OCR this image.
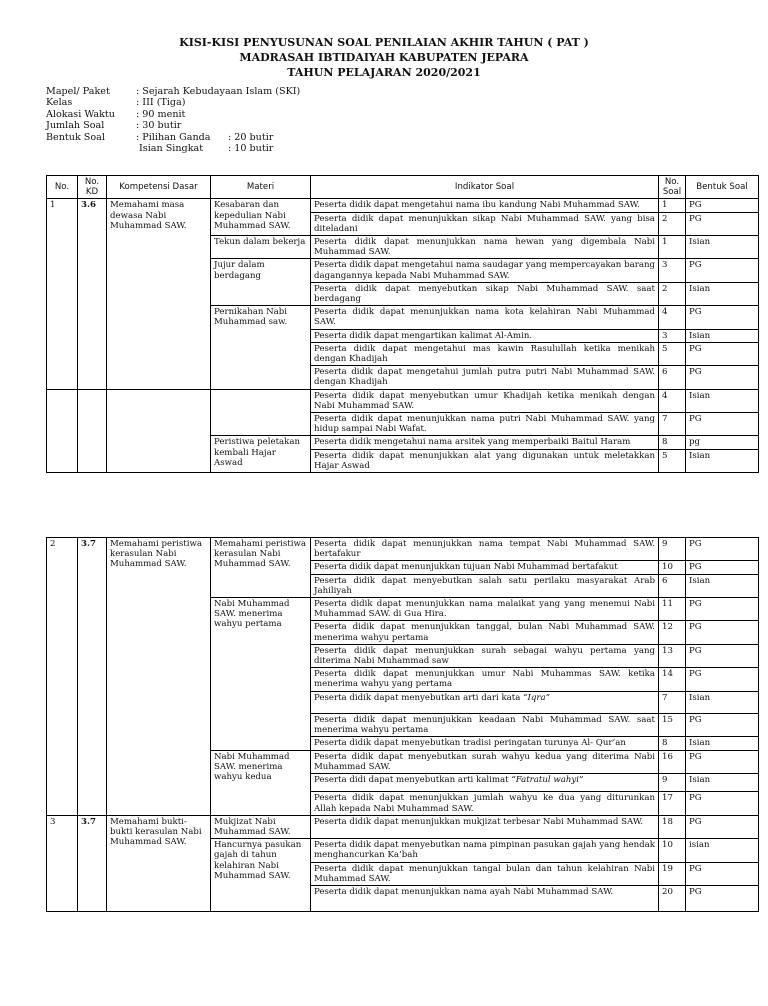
KISI-KISI PENYUSUNAN SOAL PENILAIAN AKHIR TAHUN ( PAT )
MADRASAH IBTIDAIYAH KABUPATEN JEPARA
TAHUN PELAJARAN 2020/2021
Mapel/ Paket	: Sejarah Kebudayaan Islam (SKI)
Kelas	: III (Tiga)
Alokasi Waktu	: 90 menit
Jumlah Soal	: 30 butir
Bentuk Soal	: Pilihan Ganda	: 20 butir
Isian Singkat	: 10 butir
No.	No. KD	Kompetensi Dasar	Materi	Indikator Soal	No. Soal	Bentuk Soal
1	3.6	Memahami masa dewasa Nabi Muhammad SAW.	Kesabaran dan kepedulian Nabi Muhammad SAW.	Peserta didik dapat mengetahui nama ibu kandung Nabi Muhammad SAW.	1	PG
				Peserta didik dapat menunjukkan sikap Nabi Muhammad SAW. yang bisa diteladani	2	PG
			Tekun dalam bekerja	Peserta didik dapat menunjukkan nama hewan yang digembala Nabi Muhammad SAW.	1	Isian
			Jujur dalam berdagang	Peserta didik dapat mengetahui nama saudagar yang mempercayakan barang dagangannya kepada Nabi Muhammad SAW.	3	PG
				Peserta didik dapat menyebutkan sikap Nabi Muhammad SAW. saat berdagang	2	Isian
			Pernikahan Nabi Muhammad saw.	Peserta didik dapat menunjukkan nama kota kelahiran Nabi Muhammad SAW.	4	PG
				Peserta didik dapat mengartikan kalimat Al-Amin.	3	Isian
				Peserta didik dapat mengetahui mas kawin Rasulullah ketika menikah dengan Khadijah	5	PG
				Peserta didik dapat mengetahui jumlah putra putri Nabi Muhammad SAW. dengan Khadijah	6	PG
				Peserta didik dapat menyebutkan umur Khadijah ketika menikah dengan Nabi Muhammad SAW.	4	Isian
				Peserta didik dapat menunjukkan nama putri Nabi Muhammad SAW. yang hidup sampai Nabi Wafat.	7	PG
			Peristiwa peletakan kembali Hajar Aswad	Peserta didik mengetahui nama arsitek yang memperbaiki Baitul Haram	8	pg
				Peserta didik dapat menunjukkan alat yang digunakan untuk meletakkan Hajar Aswad	5	Isian
2	3.7	Memahami peristiwa kerasulan Nabi Muhammad SAW.	Memahami peristiwa kerasulan Nabi Muhammad SAW.	Peserta didik dapat menunjukkan nama tempat Nabi Muhammad SAW. bertafakur	9	PG
				Peserta didik dapat menunjukkan tujuan Nabi Muhammad bertafakut	10	PG
				Peserta didik dapat menyebutkan salah satu perilaku masyarakat Arab Jahiliyah	6	Isian
			Nabi Muhammad SAW. menerima wahyu pertama	Peserta didik dapat menunjukkan nama malaikat yang yang menemui Nabi Muhammad SAW. di Gua Hira.	11	PG
				Peserta didik dapat menunjukkan tanggal, bulan Nabi Muhammad SAW. menerima wahyu pertama	12	PG
				Peserta didik dapat menunjukkan surah sebagai wahyu pertama yang diterima Nabi Muhammad saw	13	PG
				Peserta didik dapat menunjukkan umur Nabi Muhammas SAW. ketika menerima wahyu yang pertama	14	PG
				Peserta didik dapat menyebutkan arti dari kata “Iqra”	7	Isian
				Peserta didik dapat menunjukkan keadaan Nabi Muhammad SAW. saat menerima wahyu pertama	15	PG
				Peserta didik dapat menyebutkan tradisi peringatan turunya Al- Qur’an	8	Isian
			Nabi Muhammad SAW. menerima wahyu kedua	Peserta didik dapat menyebutkan surah wahyu kedua yang diterima Nabi Muhammad SAW.	16	PG
				Peserta didi dapat menyebutkan arti kalimat “Fatratul wahyi”	9	Isian
				Peserta didik dapat menunjukkan jumlah wahyu ke dua yang diturunkan Allah kepada Nabi Muhammad SAW.	17	PG
3	3.7	Memahami bukti-bukti kerasulan Nabi Muhammad SAW.	Mukjizat Nabi Muhammad SAW.	Peserta didik dapat menunjukkan mukjizat terbesar Nabi Muhammad SAW.	18	PG
			Hancurnya pasukan gajah di tahun kelahiran Nabi Muhammad SAW.	Peserta didik dapat menyebutkan nama pimpinan pasukan gajah yang hendak menghancurkan Ka’bah	10	isian
				Peserta didik dapat menunjukkan tangal bulan dan tahun kelahiran Nabi Muhammad SAW.	19	PG
				Peserta didik dapat menunjukkan nama ayah Nabi Muhammad SAW.	20	PG
